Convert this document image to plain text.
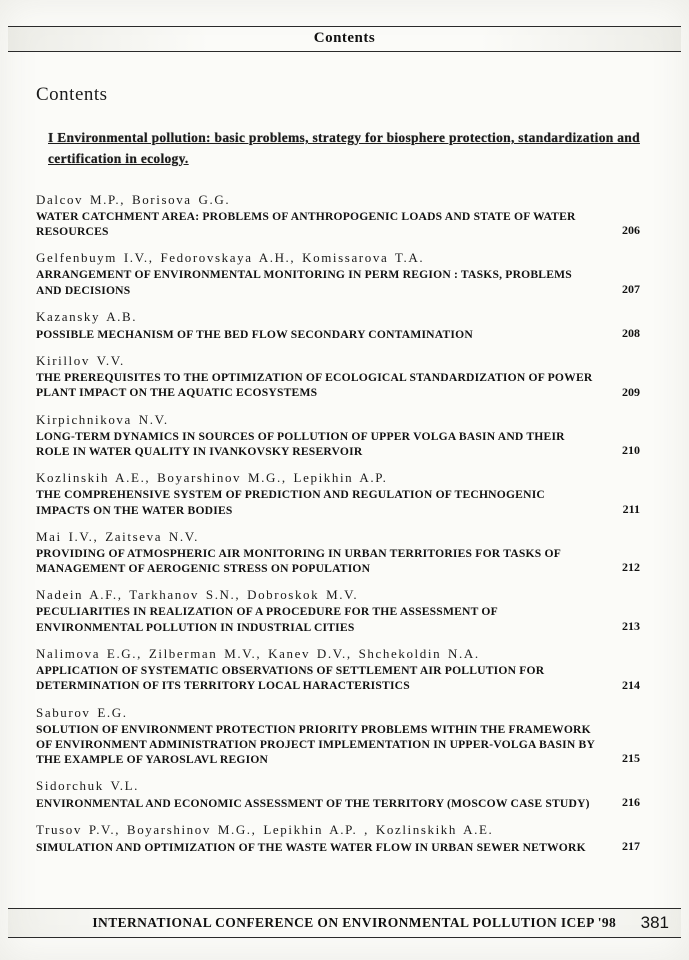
Contents
Contents

I Environmental pollution: basic problems, strategy for biosphere protection, standardization and certification in ecology.

Dalcov M.P., Borisova G.G.

WATER CATCHMENT AREA: PROBLEMS OF ANTHROPOGENIC LOADS AND STATE OF WATER RESOURCES	206

Gelfenbuym I.V., Fedorovskaya A.H., Komissarova T.A.

ARRANGEMENT OF ENVIRONMENTAL MONITORING IN PERM REGION : TASKS, PROBLEMS AND DECISIONS	207

Kazansky A.B.

POSSIBLE MECHANISM OF THE BED FLOW SECONDARY CONTAMINATION	208

Kirillov V.V.

THE PREREQUISITES TO THE OPTIMIZATION OF ECOLOGICAL STANDARDIZATION OF POWER PLANT IMPACT ON THE AQUATIC ECOSYSTEMS	209

Kirpichnikova N.V.

LONG-TERM DYNAMICS IN SOURCES OF POLLUTION OF UPPER VOLGA BASIN AND THEIR ROLE IN WATER QUALITY IN IVANKOVSKY RESERVOIR	210

Kozlinskih A.E., Boyarshinov M.G., Lepikhin A.P.

THE COMPREHENSIVE SYSTEM OF PREDICTION AND REGULATION OF TECHNOGENIC IMPACTS ON THE WATER BODIES	211

Mai I.V., Zaitseva N.V.

PROVIDING OF ATMOSPHERIC AIR MONITORING IN URBAN TERRITORIES FOR TASKS OF MANAGEMENT OF AEROGENIC STRESS ON POPULATION	212

Nadein A.F., Tarkhanov S.N., Dobroskok M.V.

PECULIARITIES IN REALIZATION OF A PROCEDURE FOR THE ASSESSMENT OF ENVIRONMENTAL POLLUTION IN INDUSTRIAL CITIES	213

Nalimova E.G., Zilberman M.V., Kanev D.V., Shchekoldin N.A.

APPLICATION OF SYSTEMATIC OBSERVATIONS OF SETTLEMENT AIR POLLUTION FOR DETERMINATION OF ITS TERRITORY LOCAL HARACTERISTICS	214

Saburov E.G.

SOLUTION OF ENVIRONMENT PROTECTION PRIORITY PROBLEMS WITHIN THE FRAMEWORK OF ENVIRONMENT ADMINISTRATION PROJECT IMPLEMENTATION IN UPPER-VOLGA BASIN BY THE EXAMPLE OF YAROSLAVL REGION	215

Sidorchuk V.L.

ENVIRONMENTAL AND ECONOMIC ASSESSMENT OF THE TERRITORY (MOSCOW CASE STUDY)	216

Trusov P.V., Boyarshinov M.G., Lepikhin A.P. , Kozlinskikh A.E.

SIMULATION AND OPTIMIZATION OF THE WASTE WATER FLOW IN URBAN SEWER NETWORK	217
INTERNATIONAL CONFERENCE ON ENVIRONMENTAL POLLUTION ICEP '98	381
